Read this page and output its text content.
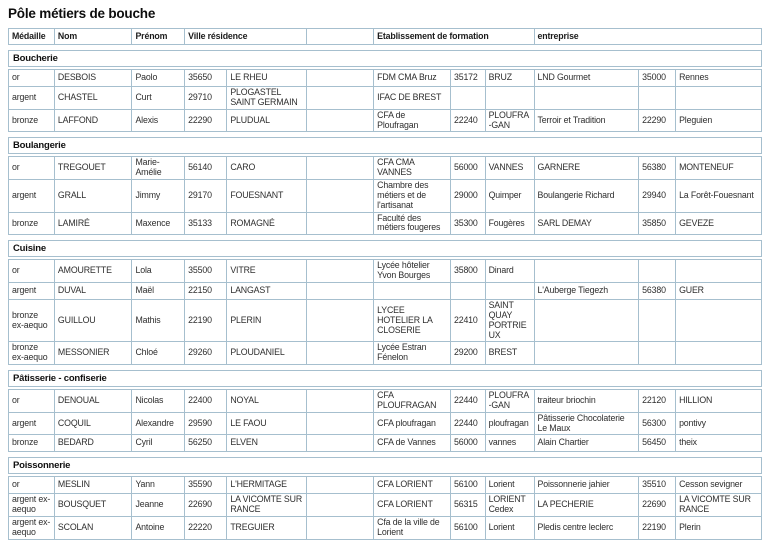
Pôle métiers de bouche
Médaille	Nom	Prénom	Ville résidence		Etablissement de formation	entreprise
Boucherie
or	DESBOIS	Paolo	35650	LE RHEU		FDM CMA Bruz	35172	BRUZ	LND Gourmet	35000	Rennes
argent	CHASTEL	Curt	29710	PLOGASTEL SAINT GERMAIN		IFAC DE BREST					
bronze	LAFFOND	Alexis	22290	PLUDUAL		CFA de Ploufragan	22240	PLOUFRA-GAN	Terroir et Tradition	22290	Pleguien
Boulangerie
or	TREGOUET	Marie-Amélie	56140	CARO		CFA CMA VANNES	56000	VANNES	GARNERE	56380	MONTENEUF
argent	GRALL	Jimmy	29170	FOUESNANT		Chambre des métiers et de l'artisanat	29000	Quimper	Boulangerie Richard	29940	La Forêt-Fouesnant
bronze	LAMIRÉ	Maxence	35133	ROMAGNÉ		Faculté des métiers fougeres	35300	Fougères	SARL DEMAY	35850	GEVEZE
Cuisine
or	AMOURETTE	Lola	35500	VITRE		Lycée hôtelier Yvon Bourges	35800	Dinard			
argent	DUVAL	Maël	22150	LANGAST					L'Auberge Tiegezh	56380	GUER
bronze ex-aequo	GUILLOU	Mathis	22190	PLERIN		LYCEE HOTELIER LA CLOSERIE	22410	SAINT QUAY PORTRIEUX			
bronze ex-aequo	MESSONIER	Chloé	29260	PLOUDANIEL		Lycée Estran Fénelon	29200	BREST			
Pâtisserie - confiserie
or	DENOUAL	Nicolas	22400	NOYAL		CFA PLOUFRAGAN	22440	PLOUFRA-GAN	traiteur briochin	22120	HILLION
argent	COQUIL	Alexandre	29590	LE FAOU		CFA ploufragan	22440	ploufragan	Pâtisserie Chocolaterie Le Maux	56300	pontivy
bronze	BEDARD	Cyril	56250	ELVEN		CFA de Vannes	56000	vannes	Alain Chartier	56450	theix
Poissonnerie
or	MESLIN	Yann	35590	L'HERMITAGE		CFA LORIENT	56100	Lorient	Poissonnerie jahier	35510	Cesson sevigner
argent ex-aequo	BOUSQUET	Jeanne	22690	LA VICOMTE SUR RANCE		CFA LORIENT	56315	LORIENT Cedex	LA PECHERIE	22690	LA VICOMTE SUR RANCE
argent ex-aequo	SCOLAN	Antoine	22220	TREGUIER		Cfa de la ville de Lorient	56100	Lorient	Pledis centre leclerc	22190	Plerin
